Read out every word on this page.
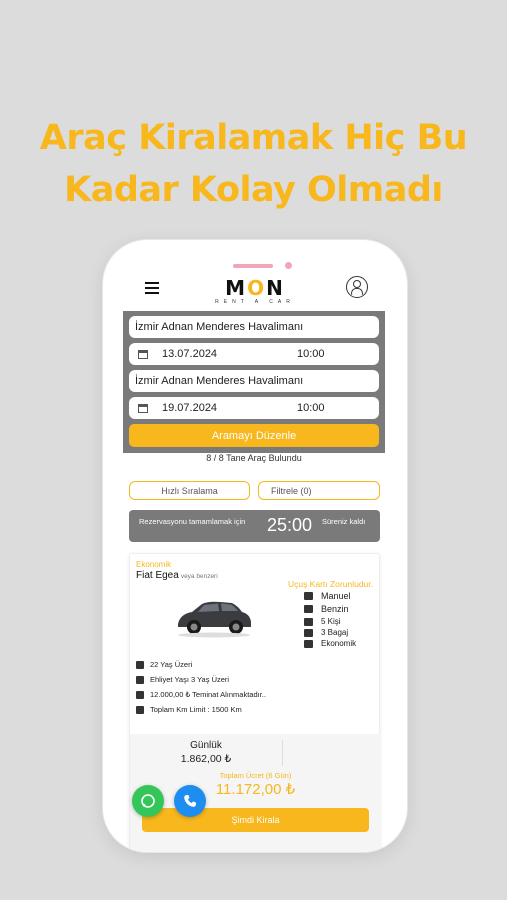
Araç Kiralamak Hiç Bu
Kadar Kolay Olmadı
MON
RENT A CAR
İzmir Adnan Menderes Havalimanı
13.07.2024	10:00
İzmir Adnan Menderes Havalimanı
19.07.2024	10:00
Aramayı Düzenle
8 / 8 Tane Araç Bulundu
Hızlı Sıralama	Filtrele (0)
Rezervasyonu tamamlamak için 25:00 Süreniz kaldı
Ekonomik
Fiat Egea veya benzeri
Uçuş Kartı Zorunludur.
Manuel
Benzin
5 Kişi
3 Bagaj
Ekonomik
22 Yaş Üzeri
Ehliyet Yaşı 3 Yaş Üzeri
12.000,00 ₺ Teminat Alınmaktadır..
Toplam Km Limit : 1500 Km
Günlük
1.862,00 ₺
Toplam Ücret (6 Gün)
11.172,00 ₺
Şimdi Kirala
